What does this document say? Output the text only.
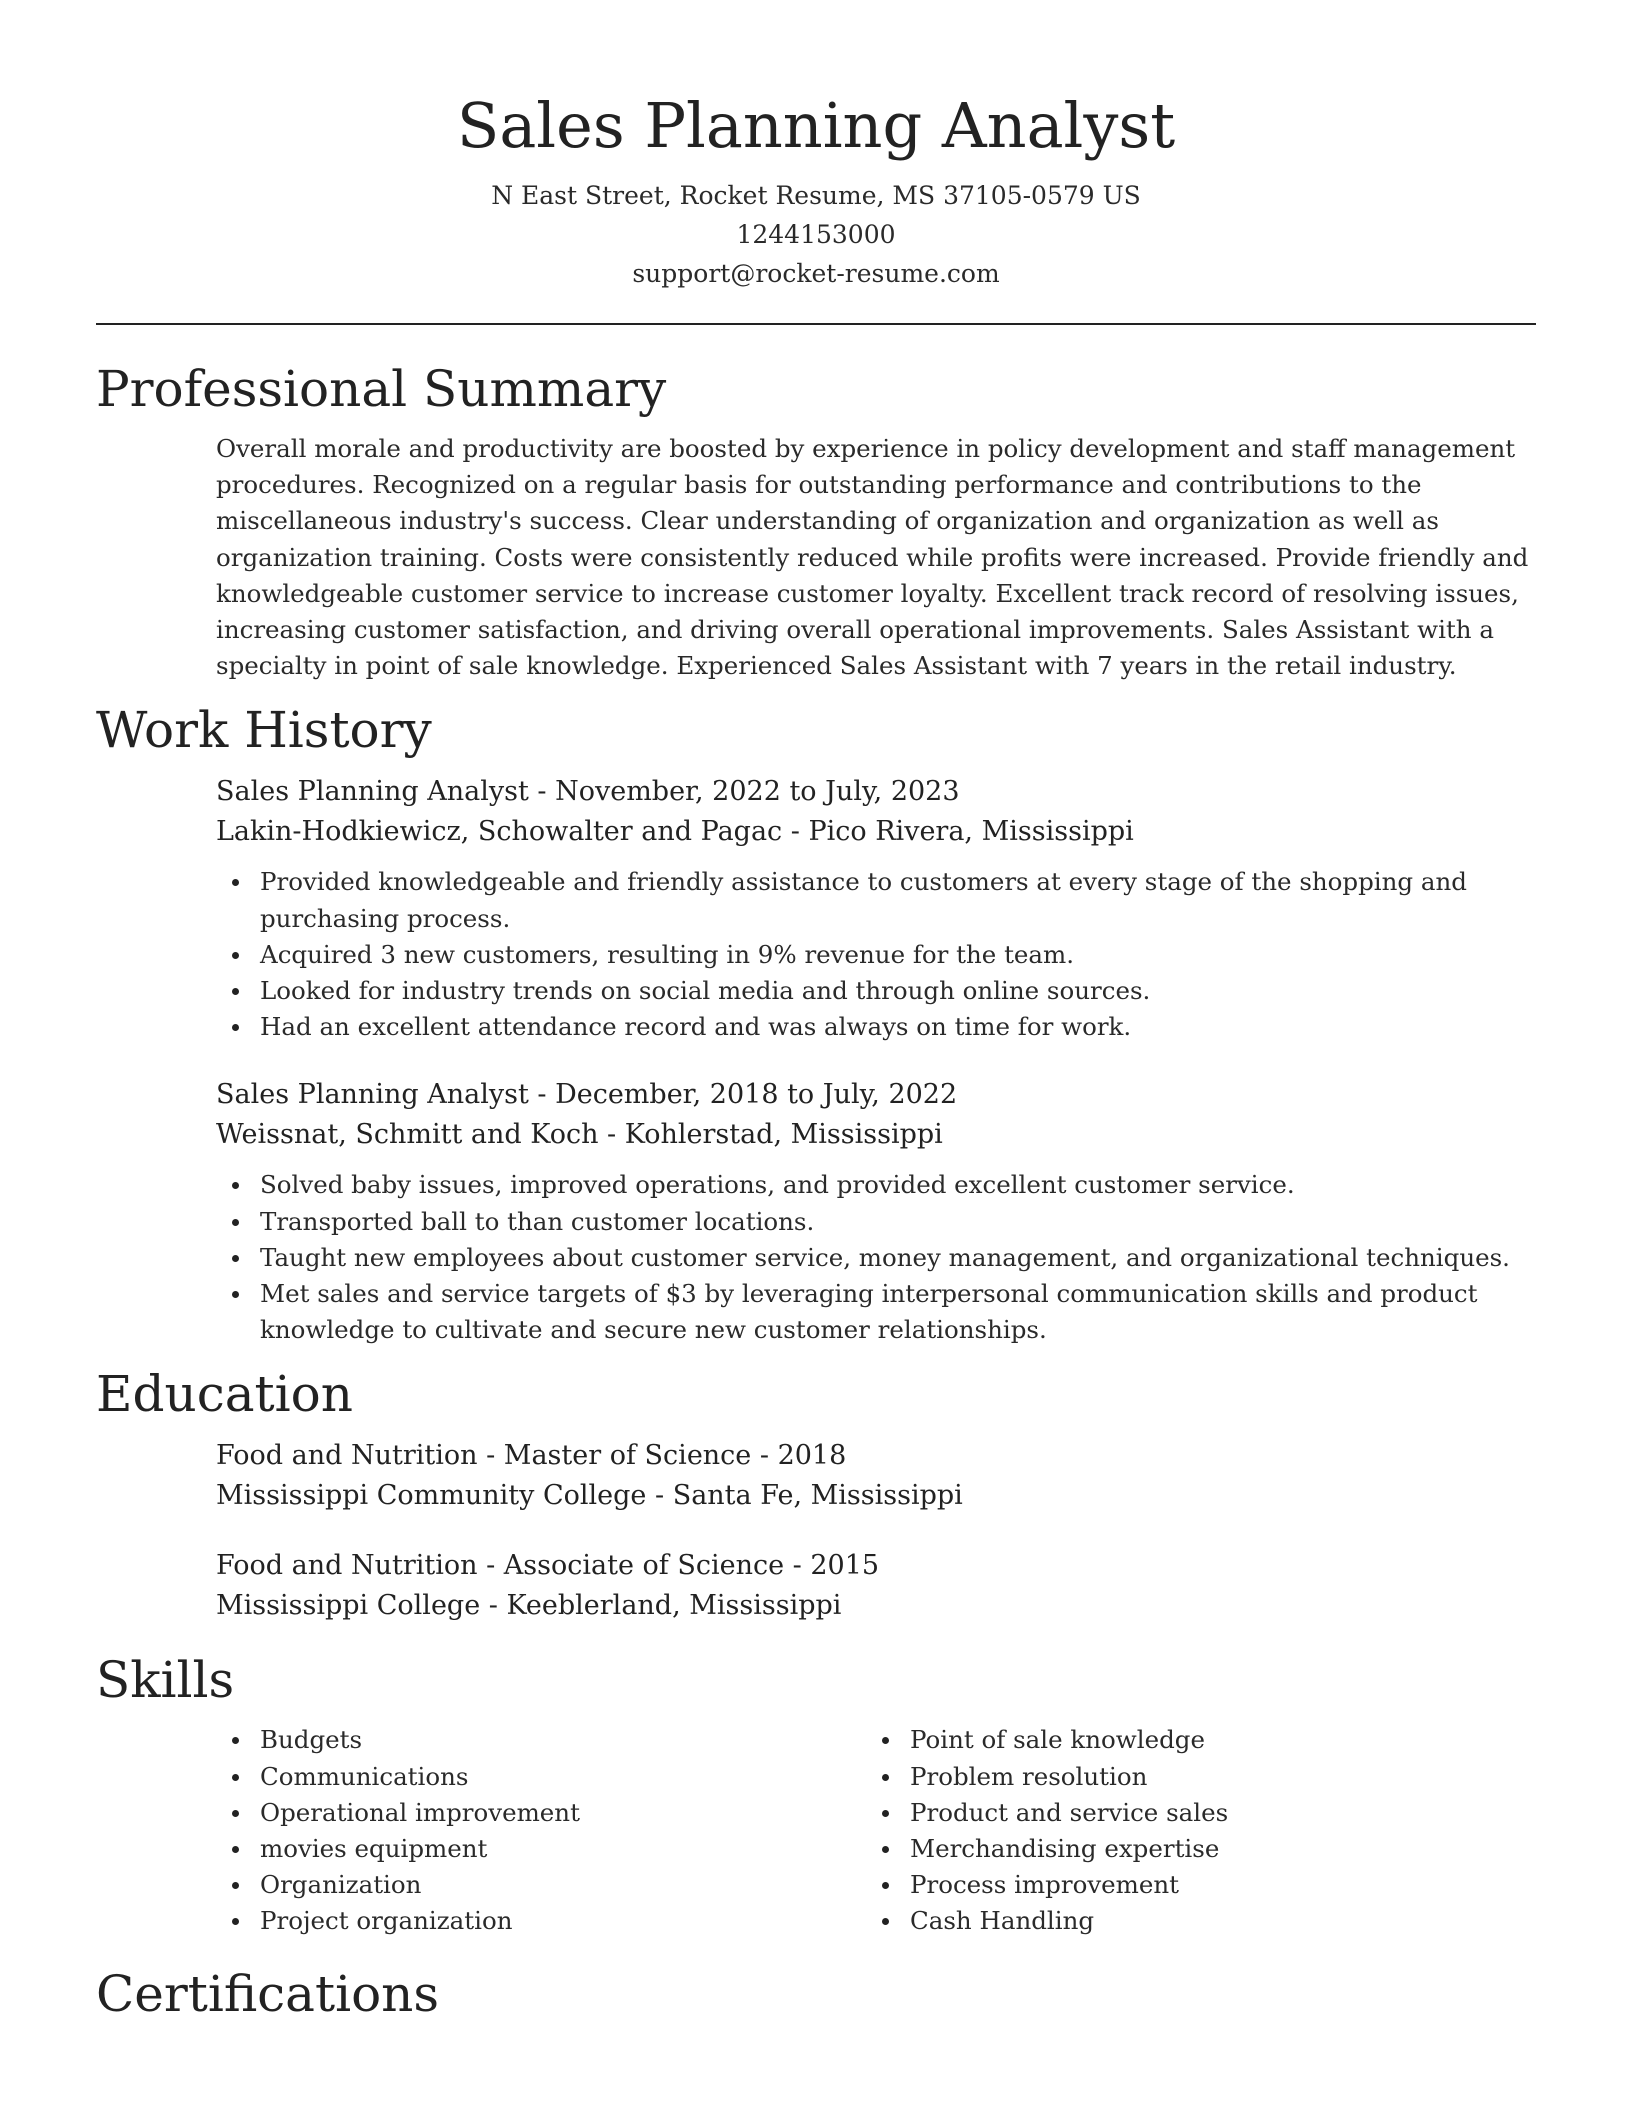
Sales Planning Analyst
N East Street, Rocket Resume, MS 37105-0579 US
1244153000
support@rocket-resume.com
Professional Summary

Overall morale and productivity are boosted by experience in policy development and staff management procedures. Recognized on a regular basis for outstanding performance and contributions to the miscellaneous industry's success. Clear understanding of organization and organization as well as organization training. Costs were consistently reduced while profits were increased. Provide friendly and knowledgeable customer service to increase customer loyalty. Excellent track record of resolving issues, increasing customer satisfaction, and driving overall operational improvements. Sales Assistant with a specialty in point of sale knowledge. Experienced Sales Assistant with 7 years in the retail industry.

Work History

Sales Planning Analyst - November, 2022 to July, 2023

Lakin-Hodkiewicz, Schowalter and Pagac - Pico Rivera, Mississippi

Provided knowledgeable and friendly assistance to customers at every stage of the shopping and purchasing process.
Acquired 3 new customers, resulting in 9% revenue for the team.
Looked for industry trends on social media and through online sources.
Had an excellent attendance record and was always on time for work.

Sales Planning Analyst - December, 2018 to July, 2022

Weissnat, Schmitt and Koch - Kohlerstad, Mississippi

Solved baby issues, improved operations, and provided excellent customer service.
Transported ball to than customer locations.
Taught new employees about customer service, money management, and organizational techniques.
Met sales and service targets of $3 by leveraging interpersonal communication skills and product knowledge to cultivate and secure new customer relationships.
Education

Food and Nutrition - Master of Science - 2018

Mississippi Community College - Santa Fe, Mississippi

Food and Nutrition - Associate of Science - 2015

Mississippi College - Keeblerland, Mississippi

Skills
Budgets
Communications
Operational improvement
movies equipment
Organization
Project organization
Point of sale knowledge
Problem resolution
Product and service sales
Merchandising expertise
Process improvement
Cash Handling
Certifications
